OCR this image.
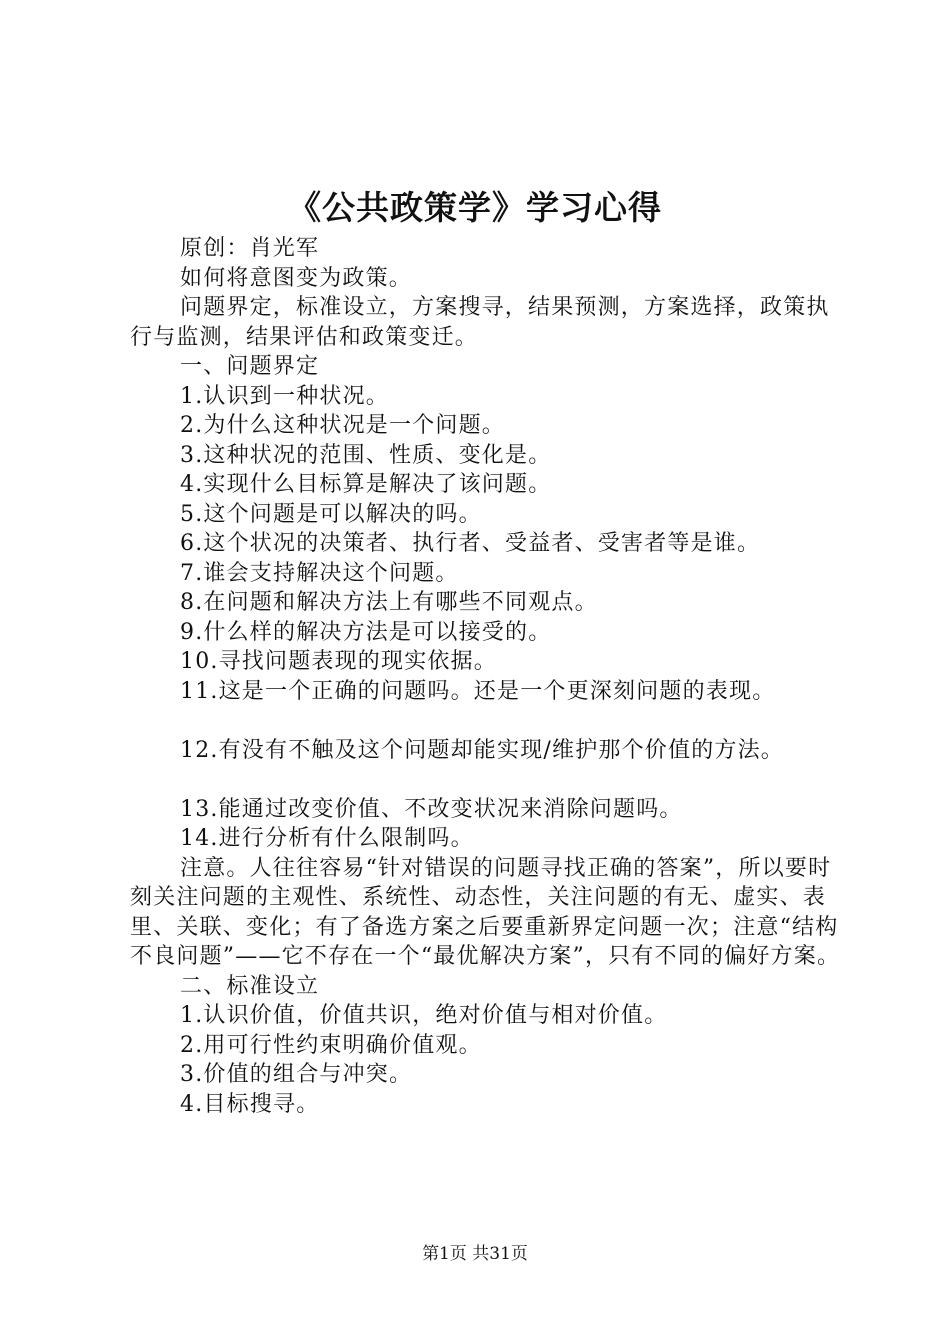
《公共政策学》学习心得

原创：肖光军

如何将意图变为政策。

问题界定，标准设立，方案搜寻，结果预测，方案选择，政策执行与监测，结果评估和政策变迁。

一、问题界定

1.认识到一种状况。

2.为什么这种状况是一个问题。

3.这种状况的范围、性质、变化是。

4.实现什么目标算是解决了该问题。

5.这个问题是可以解决的吗。

6.这个状况的决策者、执行者、受益者、受害者等是谁。

7.谁会支持解决这个问题。

8.在问题和解决方法上有哪些不同观点。

9.什么样的解决方法是可以接受的。

10.寻找问题表现的现实依据。

11.这是一个正确的问题吗。还是一个更深刻问题的表现。

12.有没有不触及这个问题却能实现/维护那个价值的方法。

13.能通过改变价值、不改变状况来消除问题吗。

14.进行分析有什么限制吗。

注意。人往往容易“针对错误的问题寻找正确的答案”，所以要时刻关注问题的主观性、系统性、动态性，关注问题的有无、虚实、表里、关联、变化；有了备选方案之后要重新界定问题一次；注意“结构不良问题”——它不存在一个“最优解决方案”，只有不同的偏好方案。

二、标准设立

1.认识价值，价值共识，绝对价值与相对价值。

2.用可行性约束明确价值观。

3.价值的组合与冲突。

4.目标搜寻。

第1页 共31页
